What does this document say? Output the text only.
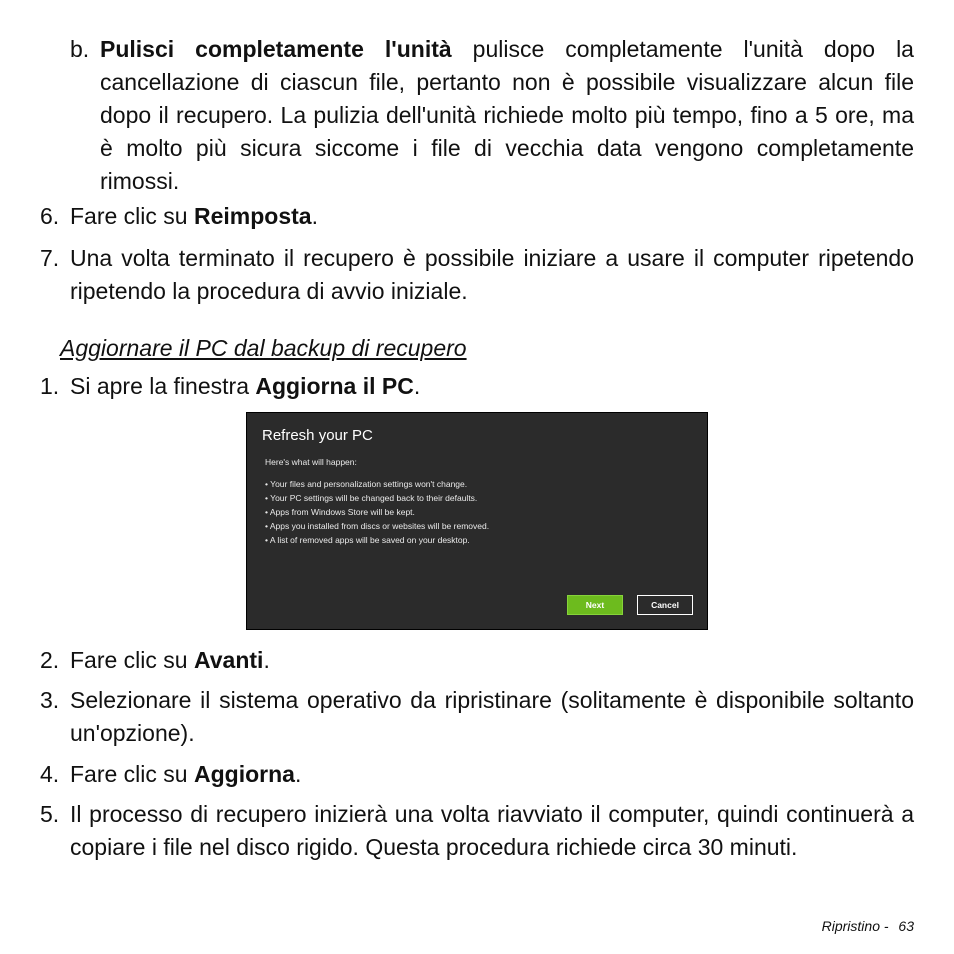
b. Pulisci completamente l'unità pulisce completamente l'unità dopo la cancellazione di ciascun file, pertanto non è possibile visualizzare alcun file dopo il recupero. La pulizia dell'unità richiede molto più tempo, fino a 5 ore, ma è molto più sicura siccome i file di vecchia data vengono completamente rimossi.
6. Fare clic su Reimposta.
7. Una volta terminato il recupero è possibile iniziare a usare il computer ripetendo ripetendo la procedura di avvio iniziale.
Aggiornare il PC dal backup di recupero
1. Si apre la finestra Aggiorna il PC.
Refresh your PC
Here's what will happen:
• Your files and personalization settings won't change.
• Your PC settings will be changed back to their defaults.
• Apps from Windows Store will be kept.
• Apps you installed from discs or websites will be removed.
• A list of removed apps will be saved on your desktop.
Next	Cancel
2. Fare clic su Avanti.
3. Selezionare il sistema operativo da ripristinare (solitamente è disponibile soltanto un'opzione).
4. Fare clic su Aggiorna.
5. Il processo di recupero inizierà una volta riavviato il computer, quindi continuerà a copiare i file nel disco rigido. Questa procedura richiede circa 30 minuti.
Ripristino - 63
